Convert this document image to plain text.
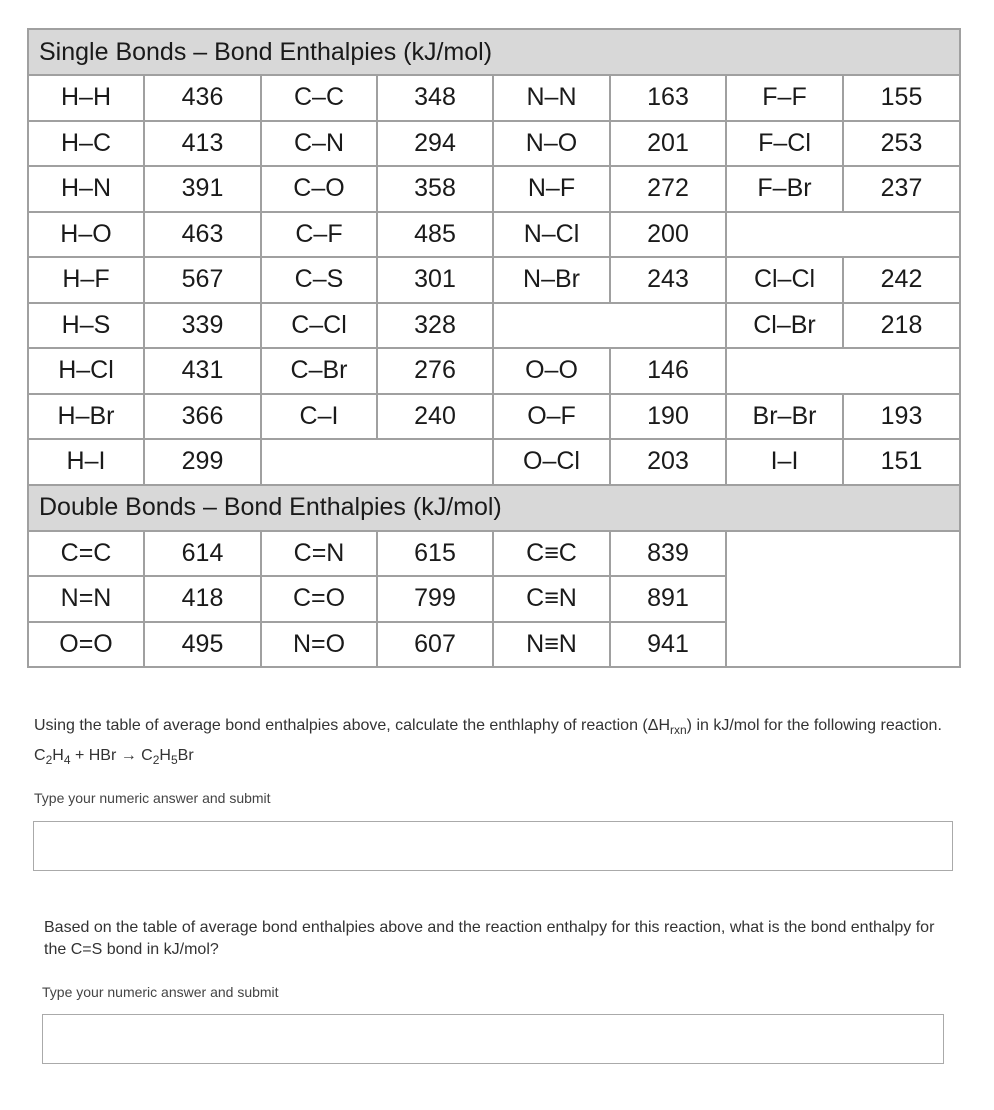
Single Bonds – Bond Enthalpies (kJ/mol)							
H–H	436	C–C	348	N–N	163	F–F	155
H–C	413	C–N	294	N–O	201	F–Cl	253
H–N	391	C–O	358	N–F	272	F–Br	237
H–O	463	C–F	485	N–Cl	200		
H–F	567	C–S	301	N–Br	243	Cl–Cl	242
H–S	339	C–Cl	328			Cl–Br	218
H–Cl	431	C–Br	276	O–O	146		
H–Br	366	C–I	240	O–F	190	Br–Br	193
H–I	299			O–Cl	203	I–I	151
Double Bonds – Bond Enthalpies (kJ/mol)							
C=C	614	C=N	615	C≡C	839		
N=N	418	C=O	799	C≡N	891		
O=O	495	N=O	607	N≡N	941		
Using the table of average bond enthalpies above, calculate the enthlaphy of reaction $(\Delta H_{rxn})$ in kJ/mol for the following reaction.
$C_2H_4$ + HBr → $C_2H_5Br$
Type your numeric answer and submit
Based on the table of average bond enthalpies above and the reaction enthalpy for this reaction, what is the bond enthalpy for the C=S bond in kJ/mol?
Type your numeric answer and submit
